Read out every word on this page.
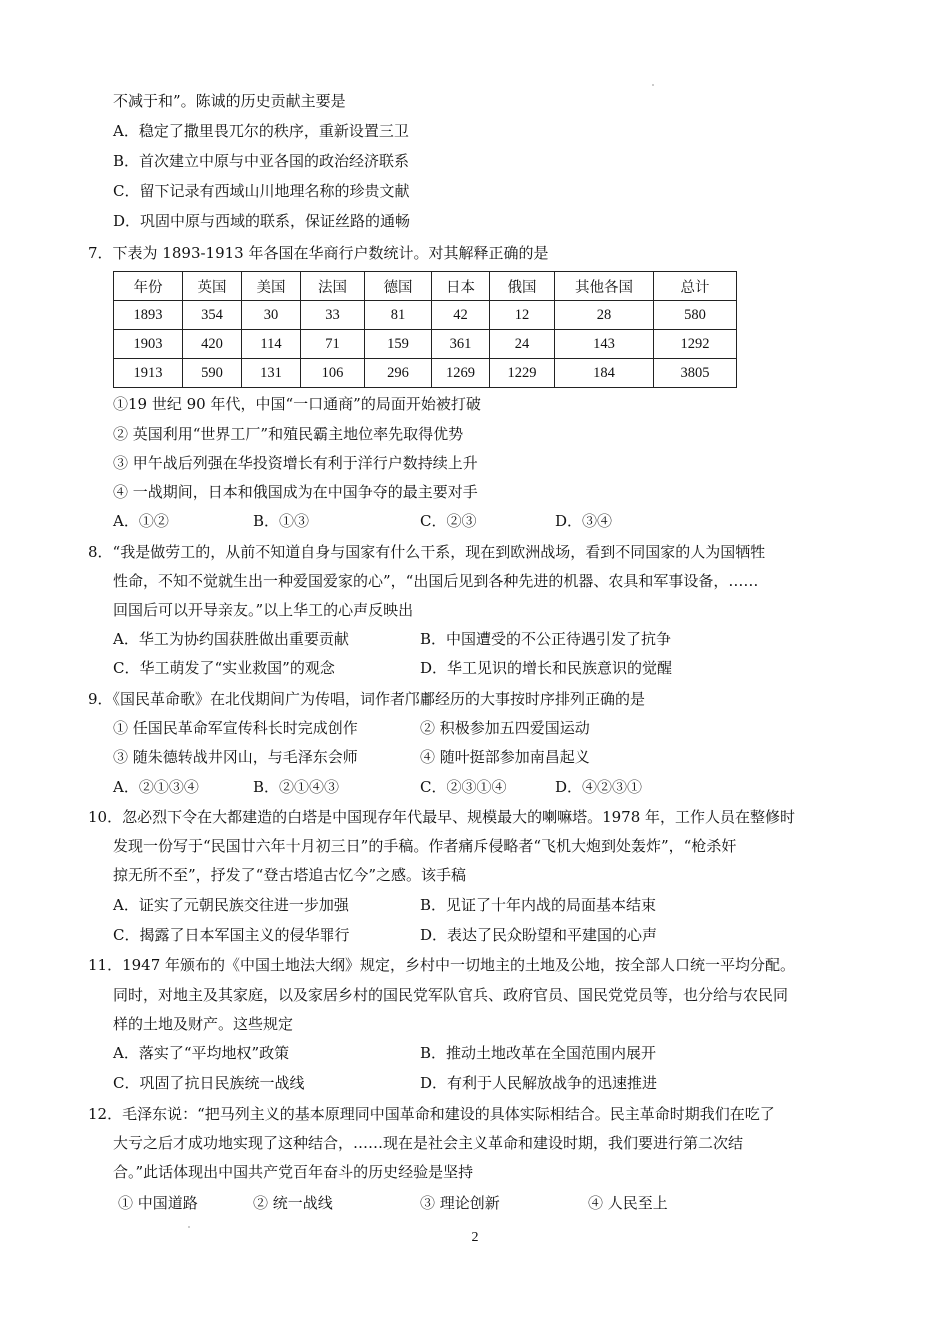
不减于和”。陈诚的历史贡献主要是
A．稳定了撒里畏兀尔的秩序，重新设置三卫
B．首次建立中原与中亚各国的政治经济联系
C．留下记录有西域山川地理名称的珍贵文献
D．巩固中原与西域的联系，保证丝路的通畅
7．下表为 1893-1913 年各国在华商行户数统计。对其解释正确的是
年份	英国	美国	法国	德国	日本	俄国	其他各国	总计
1893	354	30	33	81	42	12	28	580
1903	420	114	71	159	361	24	143	1292
1913	590	131	106	296	1269	1229	184	3805
①19 世纪 90 年代，中国“一口通商”的局面开始被打破
② 英国利用“世界工厂”和殖民霸主地位率先取得优势
③ 甲午战后列强在华投资增长有利于洋行户数持续上升
④ 一战期间，日本和俄国成为在中国争夺的最主要对手
A．①②	B．①③	C．②③	D．③④
8．“我是做劳工的，从前不知道自身与国家有什么干系，现在到欧洲战场，看到不同国家的人为国牺牲
性命，不知不觉就生出一种爱国爱家的心”，“出国后见到各种先进的机器、农具和军事设备，……
回国后可以开导亲友。”以上华工的心声反映出
A．华工为协约国获胜做出重要贡献	B．中国遭受的不公正待遇引发了抗争
C．华工萌发了“实业救国”的观念	D．华工见识的增长和民族意识的觉醒
9．《国民革命歌》在北伐期间广为传唱，词作者邝鄘经历的大事按时序排列正确的是
① 任国民革命军宣传科长时完成创作	② 积极参加五四爱国运动
③ 随朱德转战井冈山，与毛泽东会师	④ 随叶挺部参加南昌起义
A．②①③④	B．②①④③	C．②③①④	D．④②③①
10．忽必烈下令在大都建造的白塔是中国现存年代最早、规模最大的喇嘛塔。1978 年，工作人员在整修时
发现一份写于“民国廿六年十月初三日”的手稿。作者痛斥侵略者“飞机大炮到处轰炸”，“枪杀奸
掠无所不至”，抒发了“登古塔追古忆今”之感。该手稿
A．证实了元朝民族交往进一步加强	B．见证了十年内战的局面基本结束
C．揭露了日本军国主义的侵华罪行	D．表达了民众盼望和平建国的心声
11．1947 年颁布的《中国土地法大纲》规定，乡村中一切地主的土地及公地，按全部人口统一平均分配。
同时，对地主及其家庭，以及家居乡村的国民党军队官兵、政府官员、国民党党员等，也分给与农民同
样的土地及财产。这些规定
A．落实了“平均地权”政策	B．推动土地改革在全国范围内展开
C．巩固了抗日民族统一战线	D．有利于人民解放战争的迅速推进
12．毛泽东说：“把马列主义的基本原理同中国革命和建设的具体实际相结合。民主革命时期我们在吃了
大亏之后才成功地实现了这种结合，……现在是社会主义革命和建设时期，我们要进行第二次结
合。”此话体现出中国共产党百年奋斗的历史经验是坚持
① 中国道路	② 统一战线	③ 理论创新	④ 人民至上
2
